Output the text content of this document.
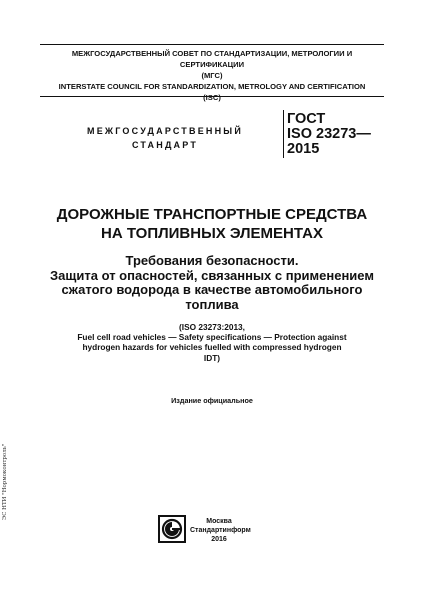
МЕЖГОСУДАРСТВЕННЫЙ СОВЕТ ПО СТАНДАРТИЗАЦИИ, МЕТРОЛОГИИ И СЕРТИФИКАЦИИ
(МГС)
INTERSTATE COUNCIL FOR STANDARDIZATION, METROLOGY AND CERTIFICATION
(ISC)
МЕЖГОСУДАРСТВЕННЫЙ
СТАНДАРТ
ГОСТ
ISO 23273—
2015
ДОРОЖНЫЕ ТРАНСПОРТНЫЕ СРЕДСТВА
НА ТОПЛИВНЫХ ЭЛЕМЕНТАХ
Требования безопасности.
Защита от опасностей, связанных с применением
сжатого водорода в качестве автомобильного
топлива
(ISO 23273:2013,
Fuel cell road vehicles — Safety specifications — Protection against
hydrogen hazards for vehicles fuelled with compressed hydrogen
IDT)
Издание официальное
Москва
Стандартинформ
2016
ЭС НТИ "Нормоконтроль"
